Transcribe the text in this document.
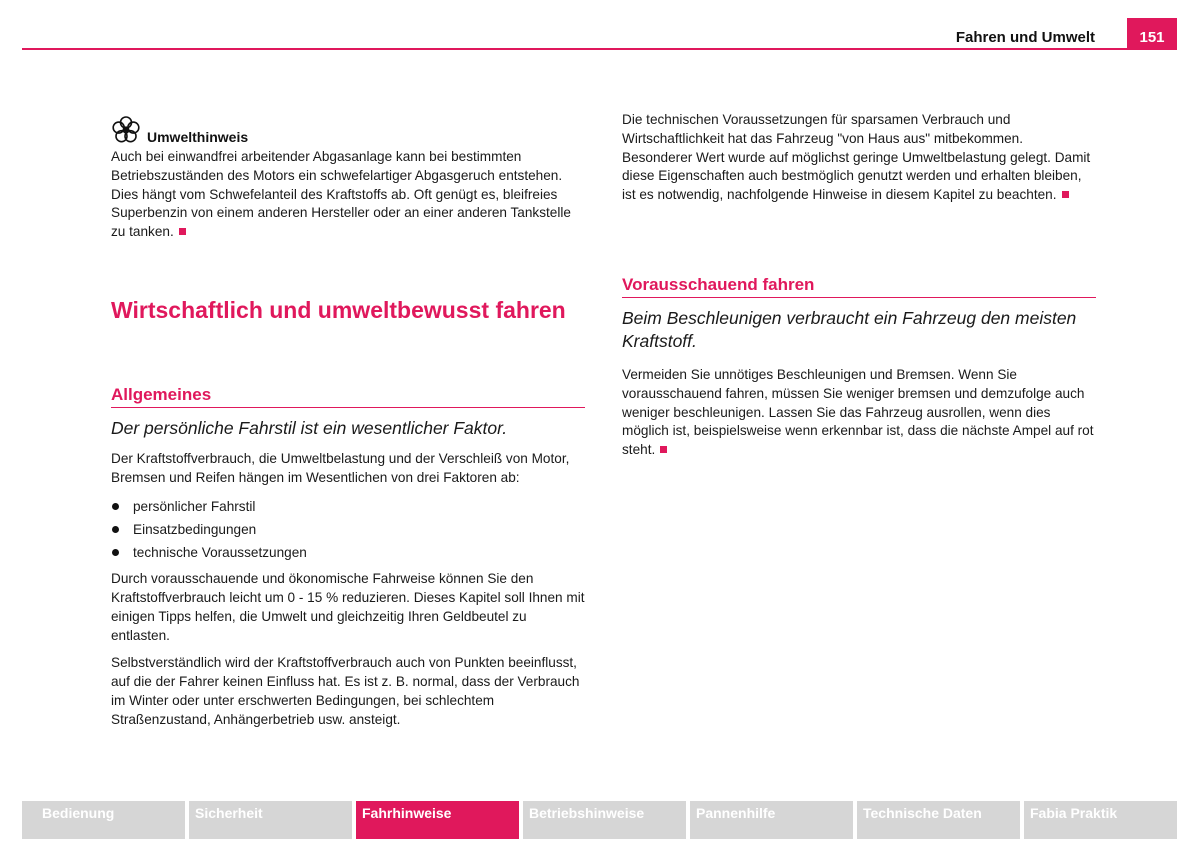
Fahren und Umwelt	151
Umwelthinweis

Auch bei einwandfrei arbeitender Abgasanlage kann bei bestimmten Betriebszuständen des Motors ein schwefelartiger Abgasgeruch entstehen. Dies hängt vom Schwefelanteil des Kraftstoffs ab. Oft genügt es, bleifreies Superbenzin von einem anderen Hersteller oder an einer anderen Tankstelle zu tanken.

Wirtschaftlich und umweltbewusst fahren
Allgemeines

Der persönliche Fahrstil ist ein wesentlicher Faktor.

Der Kraftstoffverbrauch, die Umweltbelastung und der Verschleiß von Motor, Bremsen und Reifen hängen im Wesentlichen von drei Faktoren ab:

persönlicher Fahrstil
Einsatzbedingungen
technische Voraussetzungen

Durch vorausschauende und ökonomische Fahrweise können Sie den Kraftstoffverbrauch leicht um 0 - 15 % reduzieren. Dieses Kapitel soll Ihnen mit einigen Tipps helfen, die Umwelt und gleichzeitig Ihren Geldbeutel zu entlasten.

Selbstverständlich wird der Kraftstoffverbrauch auch von Punkten beeinflusst, auf die der Fahrer keinen Einfluss hat. Es ist z. B. normal, dass der Verbrauch im Winter oder unter erschwerten Bedingungen, bei schlechtem Straßenzustand, Anhängerbetrieb usw. ansteigt.

Die technischen Voraussetzungen für sparsamen Verbrauch und Wirtschaftlichkeit hat das Fahrzeug "von Haus aus" mitbekommen. Besonderer Wert wurde auf möglichst geringe Umweltbelastung gelegt. Damit diese Eigenschaften auch bestmöglich genutzt werden und erhalten bleiben, ist es notwendig, nachfolgende Hinweise in diesem Kapitel zu beachten.

Vorausschauend fahren

Beim Beschleunigen verbraucht ein Fahrzeug den meisten Kraftstoff.

Vermeiden Sie unnötiges Beschleunigen und Bremsen. Wenn Sie vorausschauend fahren, müssen Sie weniger bremsen und demzufolge auch weniger beschleunigen. Lassen Sie das Fahrzeug ausrollen, wenn dies möglich ist, beispielsweise wenn erkennbar ist, dass die nächste Ampel auf rot steht.

Bedienung	Sicherheit	Fahrhinweise	Betriebshinweise	Pannenhilfe	Technische Daten	Fabia Praktik
